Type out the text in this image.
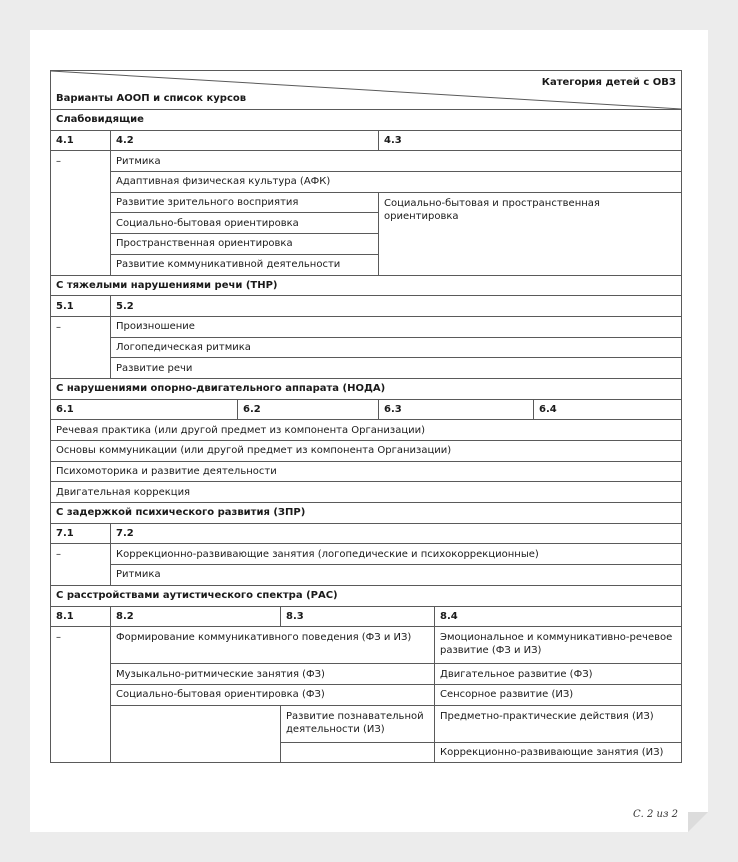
Категория детей с ОВЗ
Варианты АООП и список курсов						

Слабовидящие						
4.1	4.2			4.3		
–	Ритмика					
	Адаптивная физическая культура (АФК)					
	Развитие зрительного восприятия			Социально-бытовая и пространственная ориентировка		
	Социально-бытовая ориентировка					
	Пространственная ориентировка					
	Развитие коммуникативной деятельности					
С тяжелыми нарушениями речи (ТНР)						
5.1	5.2					
–	Произношение					
	Логопедическая ритмика					
	Развитие речи					
С нарушениями опорно-двигательного аппарата (НОДА)						
6.1		6.2		6.3		6.4
Речевая практика (или другой предмет из компонента Организации)						
Основы коммуникации (или другой предмет из компонента Организации)						
Психомоторика и развитие деятельности						
Двигательная коррекция						
С задержкой психического развития (ЗПР)						
7.1	7.2					
–	Коррекционно-развивающие занятия (логопедические и психокоррекционные)					
	Ритмика					
С расстройствами аутистического спектра (РАС)						
8.1	8.2		8.3		8.4	
–	Формирование коммуникативного поведения (ФЗ и ИЗ)				Эмоциональное и коммуникативно-речевое развитие (ФЗ и ИЗ)	
	Музыкально-ритмические занятия (ФЗ)				Двигательное развитие (ФЗ)	
	Социально-бытовая ориентировка (ФЗ)				Сенсорное развитие (ИЗ)	
			Развитие познавательной деятельности (ИЗ)		Предметно-практические действия (ИЗ)	
					Коррекционно-развивающие занятия (ИЗ)	
С. 2 из 2
